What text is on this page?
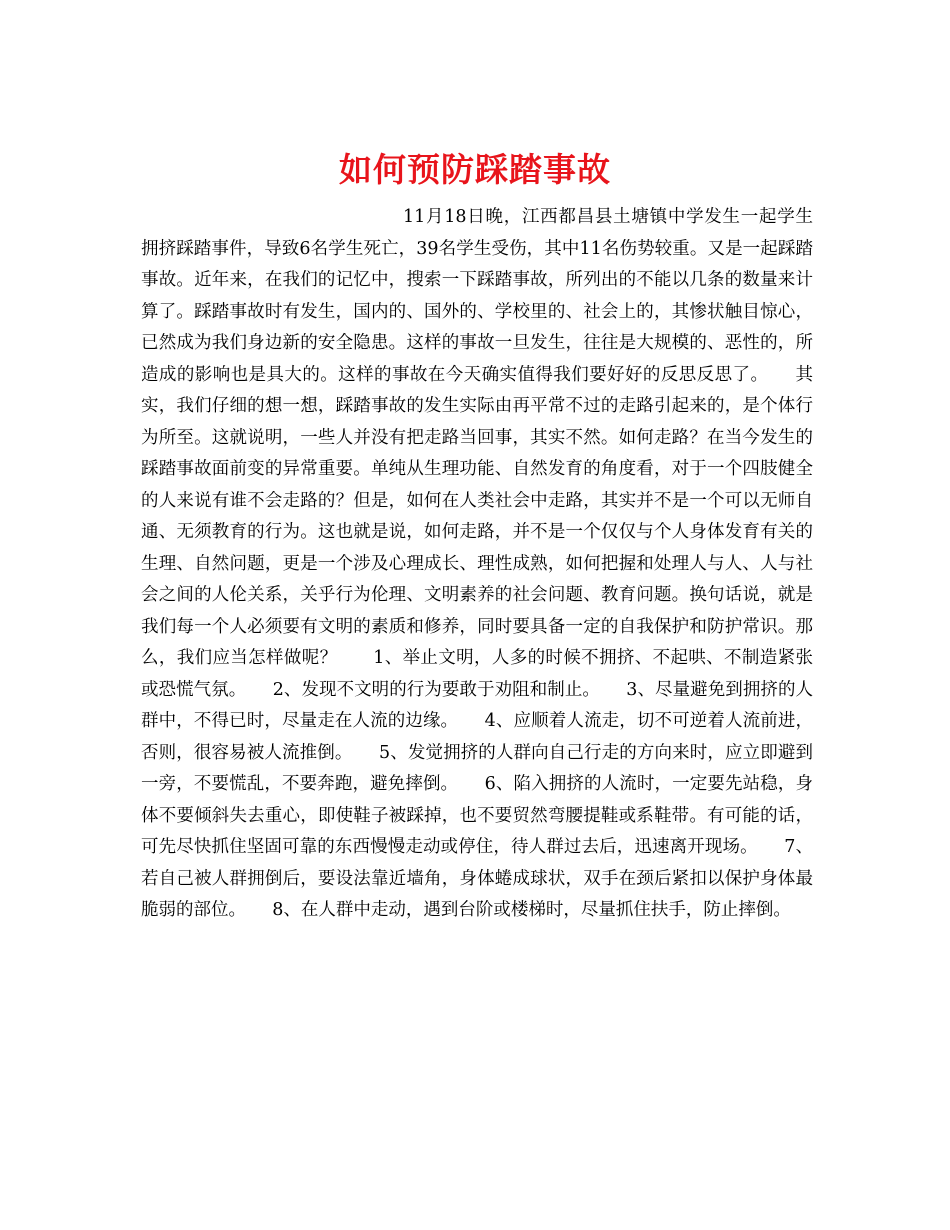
如何预防踩踏事故

11月18日晚，江西都昌县土塘镇中学发生一起学生拥挤踩踏事件，导致6名学生死亡，39名学生受伤，其中11名伤势较重。又是一起踩踏事故。近年来，在我们的记忆中，搜索一下踩踏事故，所列出的不能以几条的数量来计算了。踩踏事故时有发生，国内的、国外的、学校里的、社会上的，其惨状触目惊心，已然成为我们身边新的安全隐患。这样的事故一旦发生，往往是大规模的、恶性的，所造成的影响也是具大的。这样的事故在今天确实值得我们要好好的反思反思了。　　其实，我们仔细的想一想，踩踏事故的发生实际由再平常不过的走路引起来的，是个体行为所至。这就说明，一些人并没有把走路当回事，其实不然。如何走路？在当今发生的踩踏事故面前变的异常重要。单纯从生理功能、自然发育的角度看，对于一个四肢健全的人来说有谁不会走路的？但是，如何在人类社会中走路，其实并不是一个可以无师自通、无须教育的行为。这也就是说，如何走路，并不是一个仅仅与个人身体发育有关的生理、自然问题，更是一个涉及心理成长、理性成熟，如何把握和处理人与人、人与社会之间的人伦关系，关乎行为伦理、文明素养的社会问题、教育问题。换句话说，就是我们每一个人必须要有文明的素质和修养，同时要具备一定的自我保护和防护常识。那么，我们应当怎样做呢？　　1、举止文明，人多的时候不拥挤、不起哄、不制造紧张或恐慌气氛。　　2、发现不文明的行为要敢于劝阻和制止。　　3、尽量避免到拥挤的人群中，不得已时，尽量走在人流的边缘。　　4、应顺着人流走，切不可逆着人流前进，否则，很容易被人流推倒。　　5、发觉拥挤的人群向自己行走的方向来时，应立即避到一旁，不要慌乱，不要奔跑，避免摔倒。　　6、陷入拥挤的人流时，一定要先站稳，身体不要倾斜失去重心，即使鞋子被踩掉，也不要贸然弯腰提鞋或系鞋带。有可能的话，可先尽快抓住坚固可靠的东西慢慢走动或停住，待人群过去后，迅速离开现场。　　7、若自己被人群拥倒后，要设法靠近墙角，身体蜷成球状，双手在颈后紧扣以保护身体最脆弱的部位。　　8、在人群中走动，遇到台阶或楼梯时，尽量抓住扶手，防止摔倒。
